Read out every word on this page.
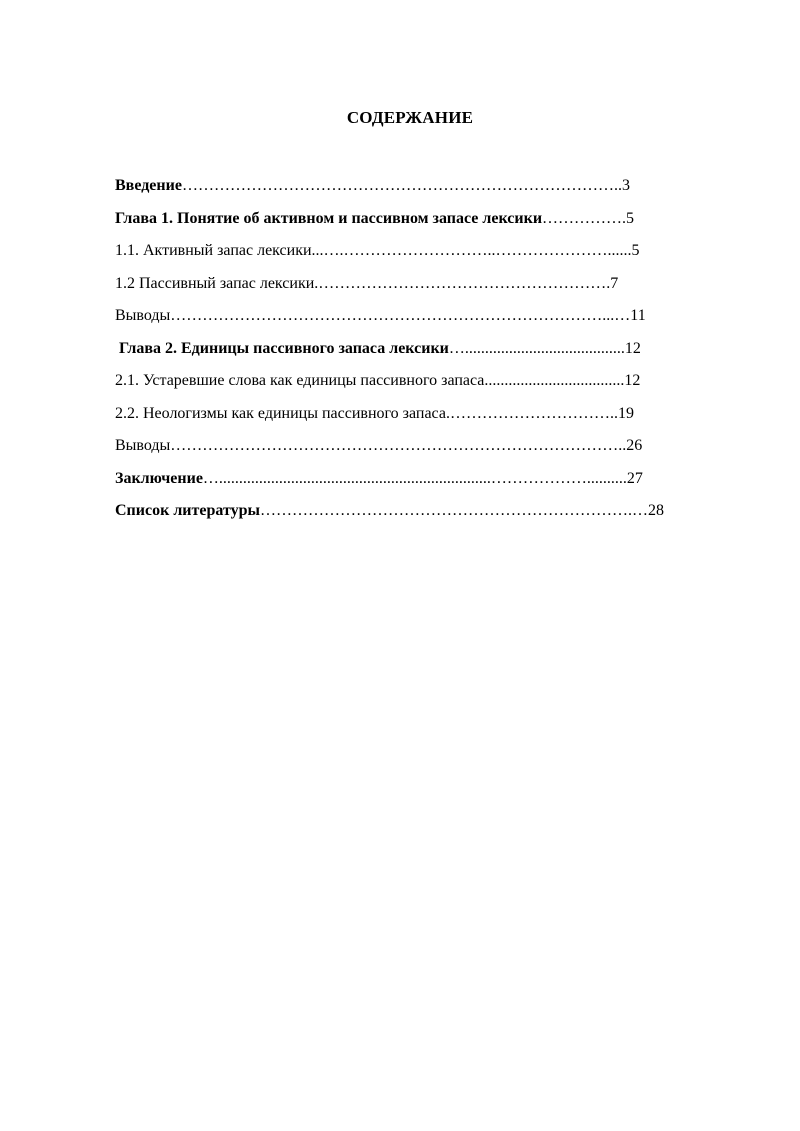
СОДЕРЖАНИЕ
Введение………………………………………………………………………..3
Глава 1. Понятие об активном и пассивном запасе лексики…………….5
1.1. Активный запас лексики...….………………………..…………………......5
1.2 Пассивный запас лексики.……………………………………………….7
Выводы………………………………………………………………………...…11
Глава 2. Единицы пассивного запаса лексики…........................................12
2.1. Устаревшие слова как единицы пассивного запаса...................................12
2.2. Неологизмы как единицы пассивного запаса.…………………………..19
Выводы…………………………………………………………………………..26
Заключение…....................................................................………………..........27
Список литературы…………………………………………………………….…28
